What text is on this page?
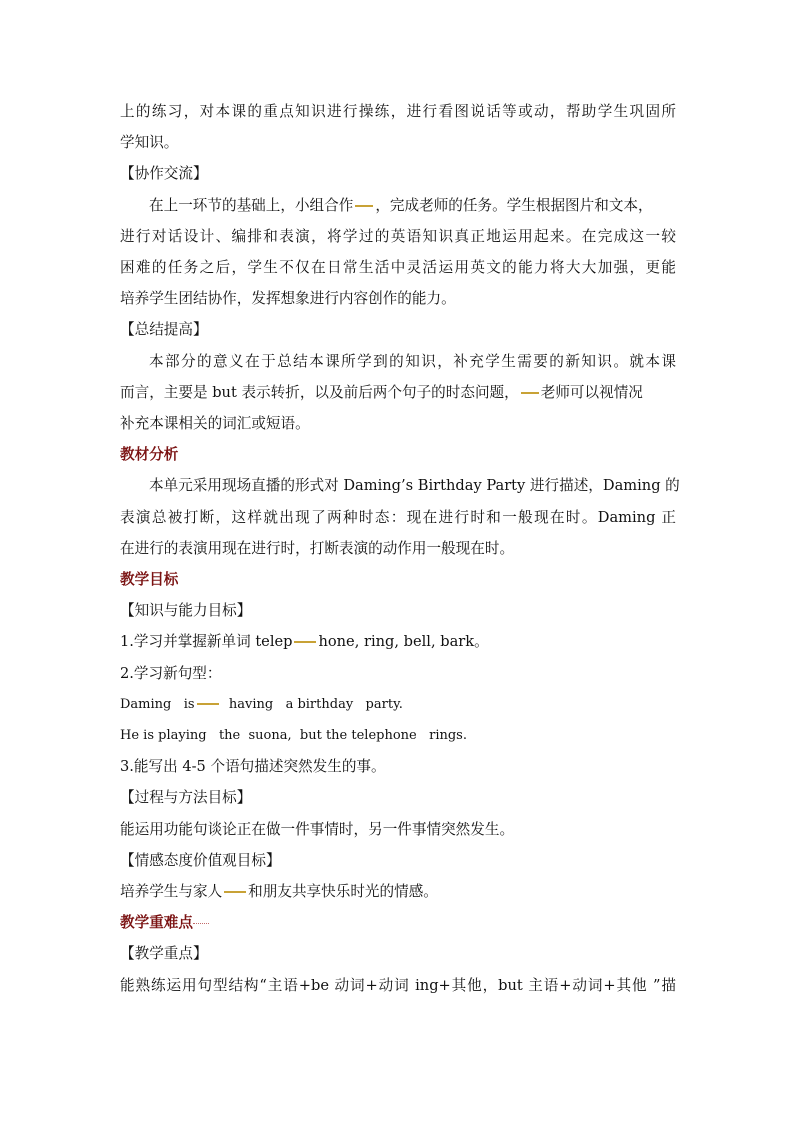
上的练习，对本课的重点知识进行操练，进行看图说话等或动，帮助学生巩固所

学知识。

【协作交流】

在上一环节的基础上，小组合作 ，完成老师的任务。学生根据图片和文本，

进行对话设计、编排和表演，将学过的英语知识真正地运用起来。在完成这一较

困难的任务之后，学生不仅在日常生活中灵活运用英文的能力将大大加强，更能

培养学生团结协作，发挥想象进行内容创作的能力。

【总结提高】

本部分的意义在于总结本课所学到的知识，补充学生需要的新知识。就本课

而言，主要是 but 表示转折，以及前后两个句子的时态问题， 老师可以视情况

补充本课相关的词汇或短语。

教材分析

本单元采用现场直播的形式对 Daming’s Birthday Party 进行描述，Daming 的

表演总被打断，这样就出现了两种时态：现在进行时和一般现在时。Daming 正

在进行的表演用现在进行时，打断表演的动作用一般现在时。

教学目标

【知识与能力目标】

1.学习并掌握新单词 telep hone, ring, bell, bark。

2.学习新句型：

Daming   is  having   a birthday   party.

He is playing   the  suona,  but the telephone   rings.

3.能写出 4-5 个语句描述突然发生的事。

【过程与方法目标】

能运用功能句谈论正在做一件事情时，另一件事情突然发生。

【情感态度价值观目标】

培养学生与家人 和朋友共享快乐时光的情感。

教学重难点

【教学重点】

能熟练运用句型结构“主语+be 动词+动词 ing+其他，but 主语+动词+其他 ”描
